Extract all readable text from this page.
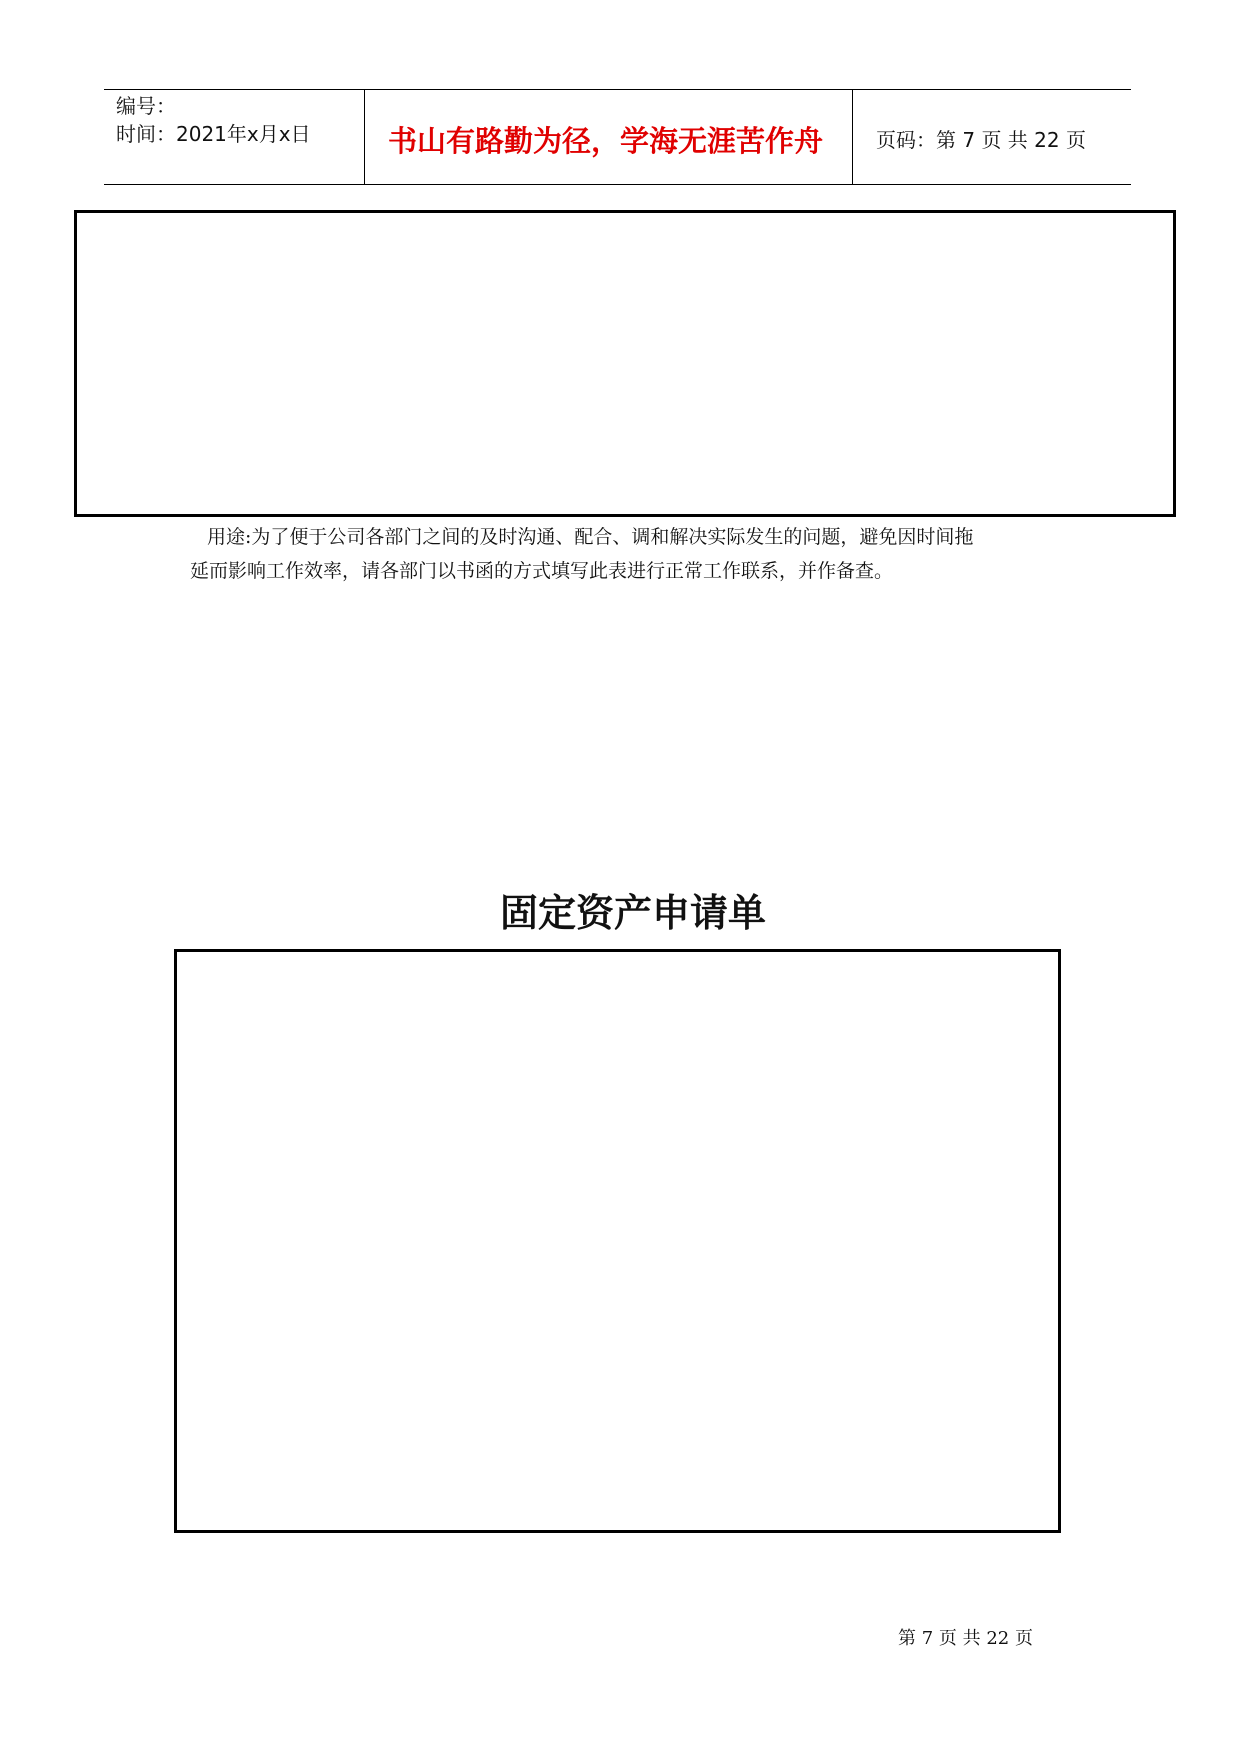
编号：
时间：2021年x月x日	书山有路勤为径，学海无涯苦作舟	页码：第 7 页 共 22 页
用途:为了便于公司各部门之间的及时沟通、配合、调和解决实际发生的问题，避免因时间拖
延而影响工作效率，请各部门以书函的方式填写此表进行正常工作联系，并作备查。
固定资产申请单
第 7 页 共 22 页
